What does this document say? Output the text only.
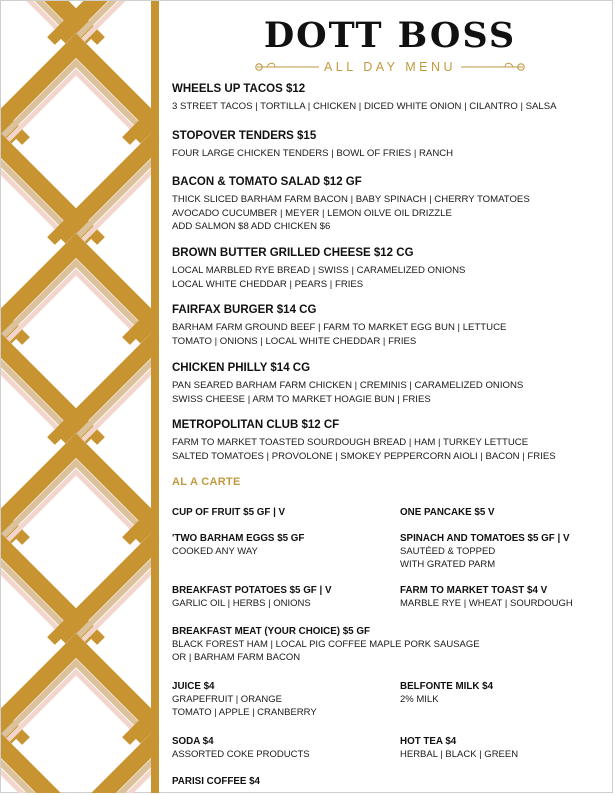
DOTT BOSS
ALL DAY MENU
WHEELS UP TACOS $12
3 STREET TACOS | TORTILLA | CHICKEN | DICED WHITE ONION | CILANTRO | SALSA
STOPOVER TENDERS $15
FOUR LARGE CHICKEN TENDERS | BOWL OF FRIES | RANCH
BACON & TOMATO SALAD $12 GF
THICK SLICED BARHAM FARM BACON | BABY SPINACH | CHERRY TOMATOES
AVOCADO CUCUMBER | MEYER | LEMON OILVE OIL DRIZZLE
ADD SALMON $8 ADD CHICKEN $6
BROWN BUTTER GRILLED CHEESE $12 CG
LOCAL MARBLED RYE BREAD | SWISS | CARAMELIZED ONIONS
LOCAL WHITE CHEDDAR | PEARS | FRIES
FAIRFAX BURGER $14 CG
BARHAM FARM GROUND BEEF | FARM TO MARKET EGG BUN | LETTUCE
TOMATO | ONIONS | LOCAL WHITE CHEDDAR | FRIES
CHICKEN PHILLY $14 CG
PAN SEARED BARHAM FARM CHICKEN | CREMINIS | CARAMELIZED ONIONS
SWISS CHEESE | ARM TO MARKET HOAGIE BUN | FRIES
METROPOLITAN CLUB $12 CF
FARM TO MARKET TOASTED SOURDOUGH BREAD | HAM | TURKEY LETTUCE
SALTED TOMATOES | PROVOLONE | SMOKEY PEPPERCORN AIOLI | BACON | FRIES
AL A CARTE
CUP OF FRUIT $5 GF | V	ONE PANCAKE $5 V
'TWO BARHAM EGGS $5 GF
COOKED ANY WAY
SPINACH AND TOMATOES $5 GF | V
SAUTÉED & TOPPED
WITH GRATED PARM
BREAKFAST POTATOES $5 GF | V
GARLIC OIL | HERBS | ONIONS
FARM TO MARKET TOAST $4 V
MARBLE RYE | WHEAT | SOURDOUGH
BREAKFAST MEAT (YOUR CHOICE) $5 GF
BLACK FOREST HAM | LOCAL PIG COFFEE MAPLE PORK SAUSAGE
OR | BARHAM FARM BACON
JUICE $4
GRAPEFRUIT | ORANGE
TOMATO | APPLE | CRANBERRY
BELFONTE MILK $4
2% MILK
SODA $4
ASSORTED COKE PRODUCTS
HOT TEA $4
HERBAL | BLACK | GREEN
PARISI COFFEE $4
